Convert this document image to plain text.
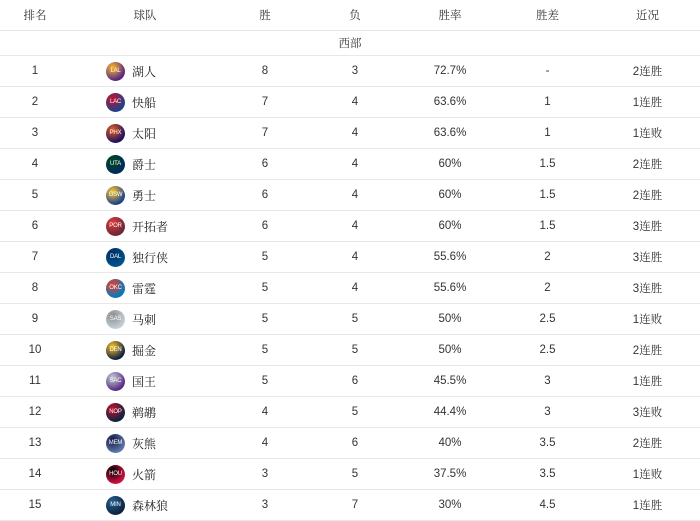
排名	球队	胜	负	胜率	胜差	近况
西部						
1	LAL 湖人	8	3	72.7%	-	2连胜
2	LAC 快船	7	4	63.6%	1	1连胜
3	PHX 太阳	7	4	63.6%	1	1连败
4	UTA 爵士	6	4	60%	1.5	2连胜
5	GSW 勇士	6	4	60%	1.5	2连胜
6	POR 开拓者	6	4	60%	1.5	3连胜
7	DAL 独行侠	5	4	55.6%	2	3连胜
8	OKC 雷霆	5	4	55.6%	2	3连胜
9	SAS 马刺	5	5	50%	2.5	1连败
10	DEN 掘金	5	5	50%	2.5	2连胜
11	SAC 国王	5	6	45.5%	3	1连胜
12	NOP 鹈鹕	4	5	44.4%	3	3连败
13	MEM 灰熊	4	6	40%	3.5	2连胜
14	HOU 火箭	3	5	37.5%	3.5	1连败
15	MIN 森林狼	3	7	30%	4.5	1连胜
